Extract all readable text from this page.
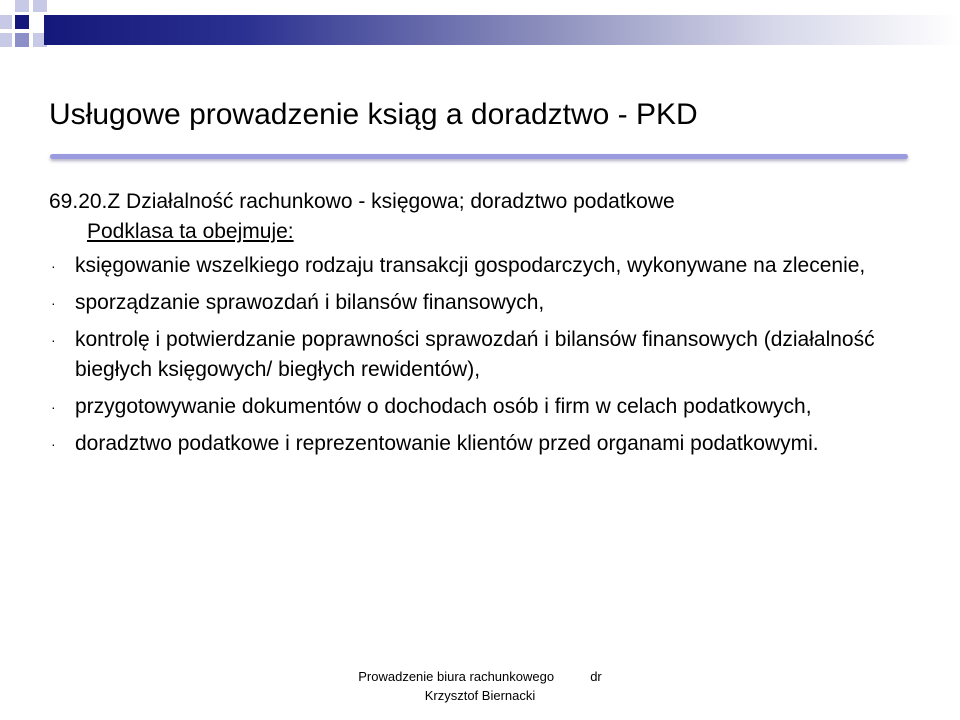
Usługowe prowadzenie ksiąg a doradztwo - PKD

69.20.Z Działalność rachunkowo - księgowa; doradztwo podatkowe

Podklasa ta obejmuje:

· księgowanie wszelkiego rodzaju transakcji gospodarczych, wykonywane na zlecenie,
· sporządzanie sprawozdań i bilansów finansowych,
· kontrolę i potwierdzanie poprawności sprawozdań i bilansów finansowych (działalność biegłych księgowych/ biegłych rewidentów),
· przygotowywanie dokumentów o dochodach osób i firm w celach podatkowych,
· doradztwo podatkowe i reprezentowanie klientów przed organami podatkowymi.
Prowadzenie biura rachunkowego          dr
Krzysztof Biernacki
